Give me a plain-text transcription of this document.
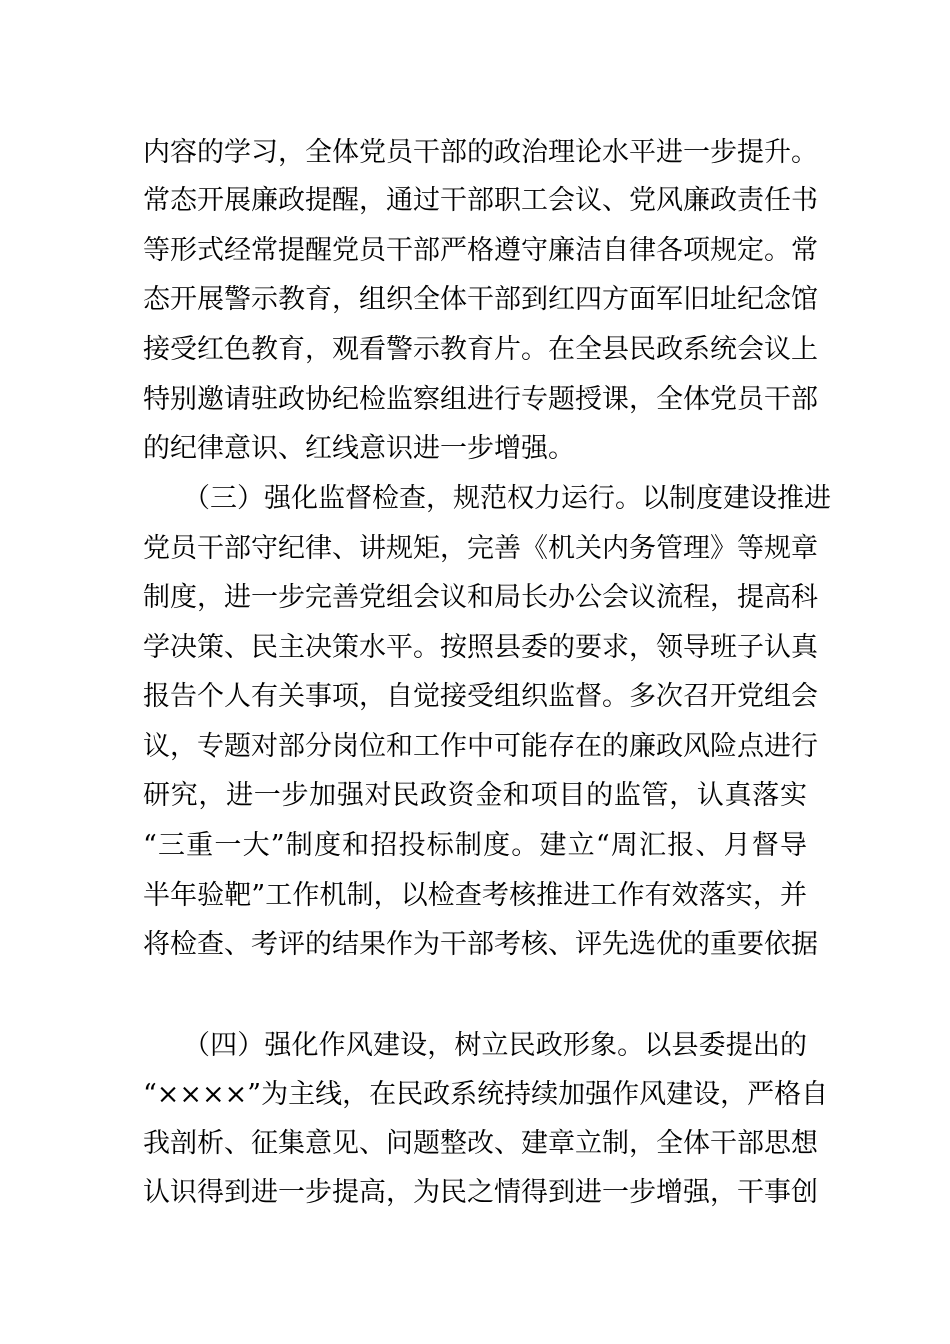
内容的学习，全体党员干部的政治理论水平进一步提升。
常态开展廉政提醒，通过干部职工会议、党风廉政责任书
等形式经常提醒党员干部严格遵守廉洁自律各项规定。常
态开展警示教育，组织全体干部到红四方面军旧址纪念馆
接受红色教育，观看警示教育片。在全县民政系统会议上
特别邀请驻政协纪检监察组进行专题授课，全体党员干部
的纪律意识、红线意识进一步增强。
（三）强化监督检查，规范权力运行。以制度建设推进
党员干部守纪律、讲规矩，完善《机关内务管理》等规章
制度，进一步完善党组会议和局长办公会议流程，提高科
学决策、民主决策水平。按照县委的要求，领导班子认真
报告个人有关事项，自觉接受组织监督。多次召开党组会
议，专题对部分岗位和工作中可能存在的廉政风险点进行
研究，进一步加强对民政资金和项目的监管，认真落实
“三重一大”制度和招投标制度。建立“周汇报、月督导
半年验靶”工作机制，以检查考核推进工作有效落实，并
将检查、考评的结果作为干部考核、评先选优的重要依据
（四）强化作风建设，树立民政形象。以县委提出的
“××××”为主线，在民政系统持续加强作风建设，严格自
我剖析、征集意见、问题整改、建章立制，全体干部思想
认识得到进一步提高，为民之情得到进一步增强，干事创
